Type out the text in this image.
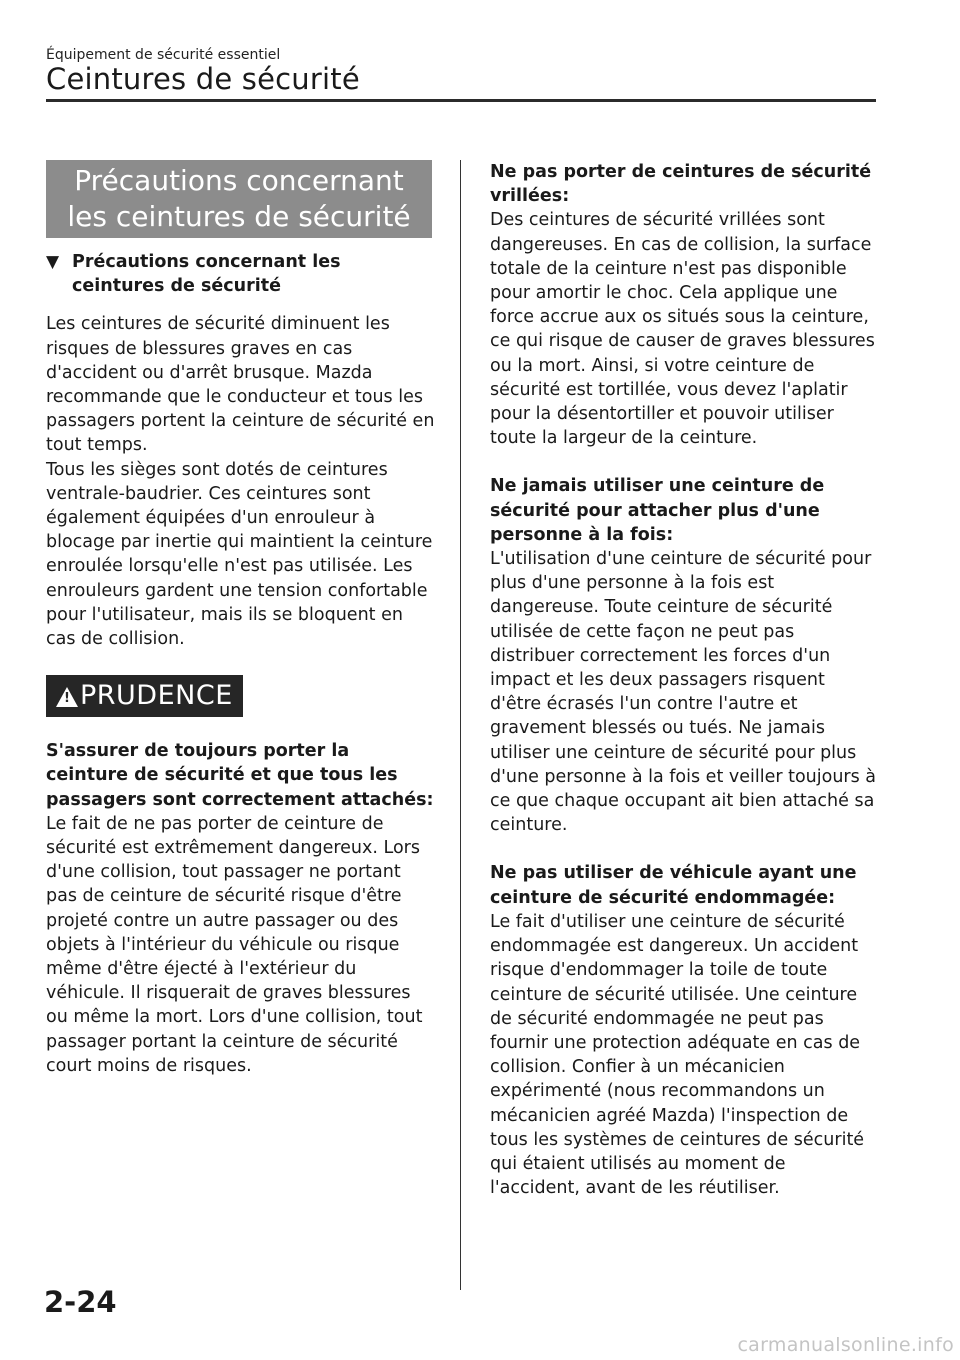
Équipement de sécurité essentiel
Ceintures de sécurité
Précautions concernant
les ceintures de sécurité
▼ Précautions concernant les ceintures de sécurité

Les ceintures de sécurité diminuent les risques de blessures graves en cas d'accident ou d'arrêt brusque. Mazda recommande que le conducteur et tous les passagers portent la ceinture de sécurité en tout temps.

Tous les sièges sont dotés de ceintures ventrale-baudrier. Ces ceintures sont également équipées d'un enrouleur à blocage par inertie qui maintient la ceinture enroulée lorsqu'elle n'est pas utilisée. Les enrouleurs gardent une tension confortable pour l'utilisateur, mais ils se bloquent en cas de collision.

!
PRUDENCE

S'assurer de toujours porter la ceinture de sécurité et que tous les passagers sont correctement attachés:

Le fait de ne pas porter de ceinture de sécurité est extrêmement dangereux. Lors d'une collision, tout passager ne portant pas de ceinture de sécurité risque d'être projeté contre un autre passager ou des objets à l'intérieur du véhicule ou risque même d'être éjecté à l'extérieur du véhicule. Il risquerait de graves blessures ou même la mort. Lors d'une collision, tout passager portant la ceinture de sécurité court moins de risques.

Ne pas porter de ceintures de sécurité vrillées:

Des ceintures de sécurité vrillées sont dangereuses. En cas de collision, la surface totale de la ceinture n'est pas disponible pour amortir le choc. Cela applique une force accrue aux os situés sous la ceinture, ce qui risque de causer de graves blessures ou la mort. Ainsi, si votre ceinture de sécurité est tortillée, vous devez l'aplatir pour la désentortiller et pouvoir utiliser toute la largeur de la ceinture.

Ne jamais utiliser une ceinture de sécurité pour attacher plus d'une personne à la fois:

L'utilisation d'une ceinture de sécurité pour plus d'une personne à la fois est dangereuse. Toute ceinture de sécurité utilisée de cette façon ne peut pas distribuer correctement les forces d'un impact et les deux passagers risquent d'être écrasés l'un contre l'autre et gravement blessés ou tués. Ne jamais utiliser une ceinture de sécurité pour plus d'une personne à la fois et veiller toujours à ce que chaque occupant ait bien attaché sa ceinture.

Ne pas utiliser de véhicule ayant une ceinture de sécurité endommagée:

Le fait d'utiliser une ceinture de sécurité endommagée est dangereux. Un accident risque d'endommager la toile de toute ceinture de sécurité utilisée. Une ceinture de sécurité endommagée ne peut pas fournir une protection adéquate en cas de collision. Confier à un mécanicien expérimenté (nous recommandons un mécanicien agréé Mazda) l'inspection de tous les systèmes de ceintures de sécurité qui étaient utilisés au moment de l'accident, avant de les réutiliser.

2-24
carmanualsonline.info
